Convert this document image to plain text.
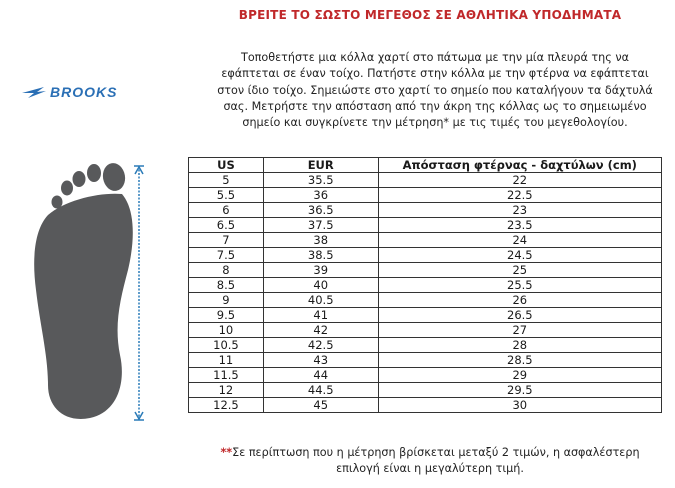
ΒΡΕΙΤΕ ΤΟ ΣΩΣΤΟ ΜΕΓΕΘΟΣ ΣΕ ΑΘΛΗΤΙΚΑ ΥΠΟΔΗΜΑΤΑ
BROOKS
Τοποθετήστε μια κόλλα χαρτί στο πάτωμα με την μία πλευρά της να
εφάπτεται σε έναν τοίχο. Πατήστε στην κόλλα με την φτέρνα να εφάπτεται
στον ίδιο τοίχο. Σημειώστε στο χαρτί το σημείο που καταλήγουν τα δάχτυλά
σας. Μετρήστε την απόσταση από την άκρη της κόλλας ως το σημειωμένο
σημείο και συγκρίνετε την μέτρηση* με τις τιμές του μεγεθολογίου.
US	EUR	Απόσταση φτέρνας - δαχτύλων (cm)
5	35.5	22
5.5	36	22.5
6	36.5	23
6.5	37.5	23.5
7	38	24
7.5	38.5	24.5
8	39	25
8.5	40	25.5
9	40.5	26
9.5	41	26.5
10	42	27
10.5	42.5	28
11	43	28.5
11.5	44	29
12	44.5	29.5
12.5	45	30
**Σε περίπτωση που η μέτρηση βρίσκεται μεταξύ 2 τιμών, η ασφαλέστερη
επιλογή είναι η μεγαλύτερη τιμή.
